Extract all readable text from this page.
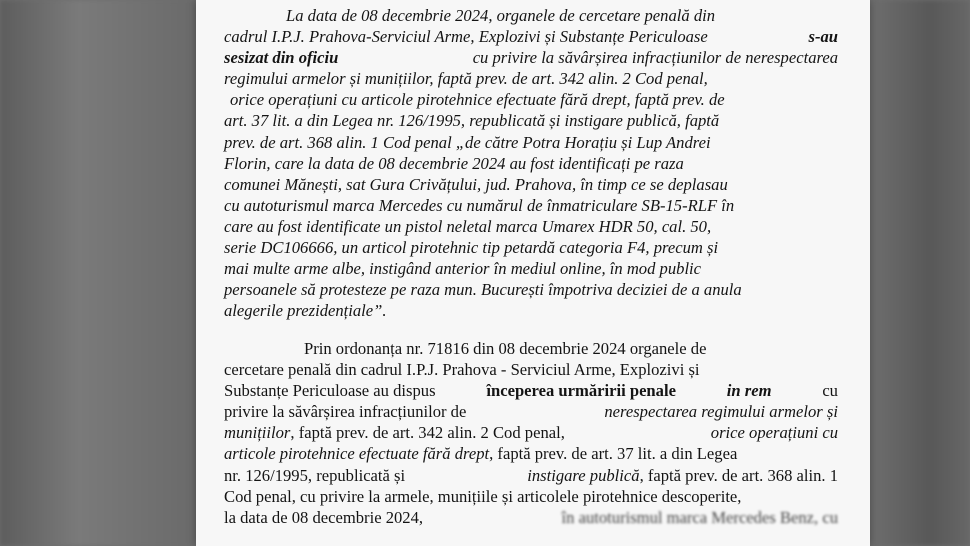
La data de 08 decembrie 2024, organele de cercetare penală din
cadrul I.P.J. Prahova-Serviciul Arme, Explozivi și Substanțe Periculoase	s-au
sesizat din oficiu	cu privire la săvârșirea infracțiunilor de nerespectarea
regimului armelor și munițiilor, faptă prev. de art. 342 alin. 2 Cod penal,
orice operațiuni cu articole pirotehnice efectuate fără drept, faptă prev. de
art. 37 lit. a din Legea nr. 126/1995, republicată și instigare publică, faptă
prev. de art. 368 alin. 1 Cod penal „de către Potra Horațiu și Lup Andrei
Florin, care la data de 08 decembrie 2024 au fost identificați pe raza
comunei Mănești, sat Gura Crivățului, jud. Prahova, în timp ce se deplasau
cu autoturismul marca Mercedes cu numărul de înmatriculare SB-15-RLF în
care au fost identificate un pistol neletal marca Umarex HDR 50, cal. 50,
serie DC106666, un articol pirotehnic tip petardă categoria F4, precum și
mai multe arme albe, instigând anterior în mediul online, în mod public
persoanele să protesteze pe raza mun. București împotriva deciziei de a anula
alegerile prezidențiale”.
Prin ordonanța nr. 71816 din 08 decembrie 2024 organele de
cercetare penală din cadrul I.P.J. Prahova - Serviciul Arme, Explozivi și
Substanțe Periculoase au dispus	începerea urmăririi penale	in rem	cu
privire la săvârșirea infracțiunilor de	nerespectarea regimului armelor și
munițiilor, faptă prev. de art. 342 alin. 2 Cod penal,	orice operațiuni cu
articole pirotehnice efectuate fără drept , faptă prev. de art. 37 lit. a din Legea
nr. 126/1995, republicată și	instigare publică, faptă prev. de art. 368 alin. 1
Cod penal, cu privire la armele, munițiile și articolele pirotehnice descoperite,
la data de 08 decembrie 2024,	în autoturismul marca Mercedes Benz, cu
